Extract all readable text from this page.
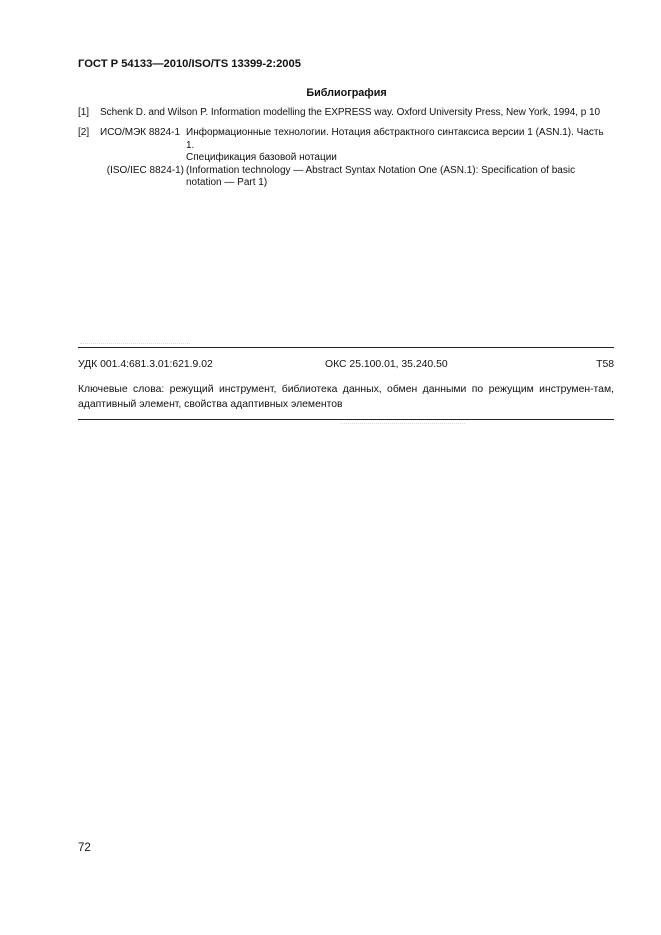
ГОСТ Р 54133—2010/ISO/TS 13399-2:2005
Библиография
[1] Schenk D. and Wilson P. Information modelling the EXPRESS way. Oxford University Press, New York, 1994, p 10
[2]	ИСО/МЭК 8824-1 Информационные технологии. Нотация абстрактного синтаксиса версии 1 (ASN.1). Часть 1.
Спецификация базовой нотации
(ISO/IEC 8824-1) (Information technology — Abstract Syntax Notation One (ASN.1): Specification of basic
notation — Part 1)
УДК 001.4:681.3.01:621.9.02	ОКС 25.100.01, 35.240.50	Т58
Ключевые слова: режущий инструмент, библиотека данных, обмен данными по режущим инструмен-там, адаптивный элемент, свойства адаптивных элементов
72
